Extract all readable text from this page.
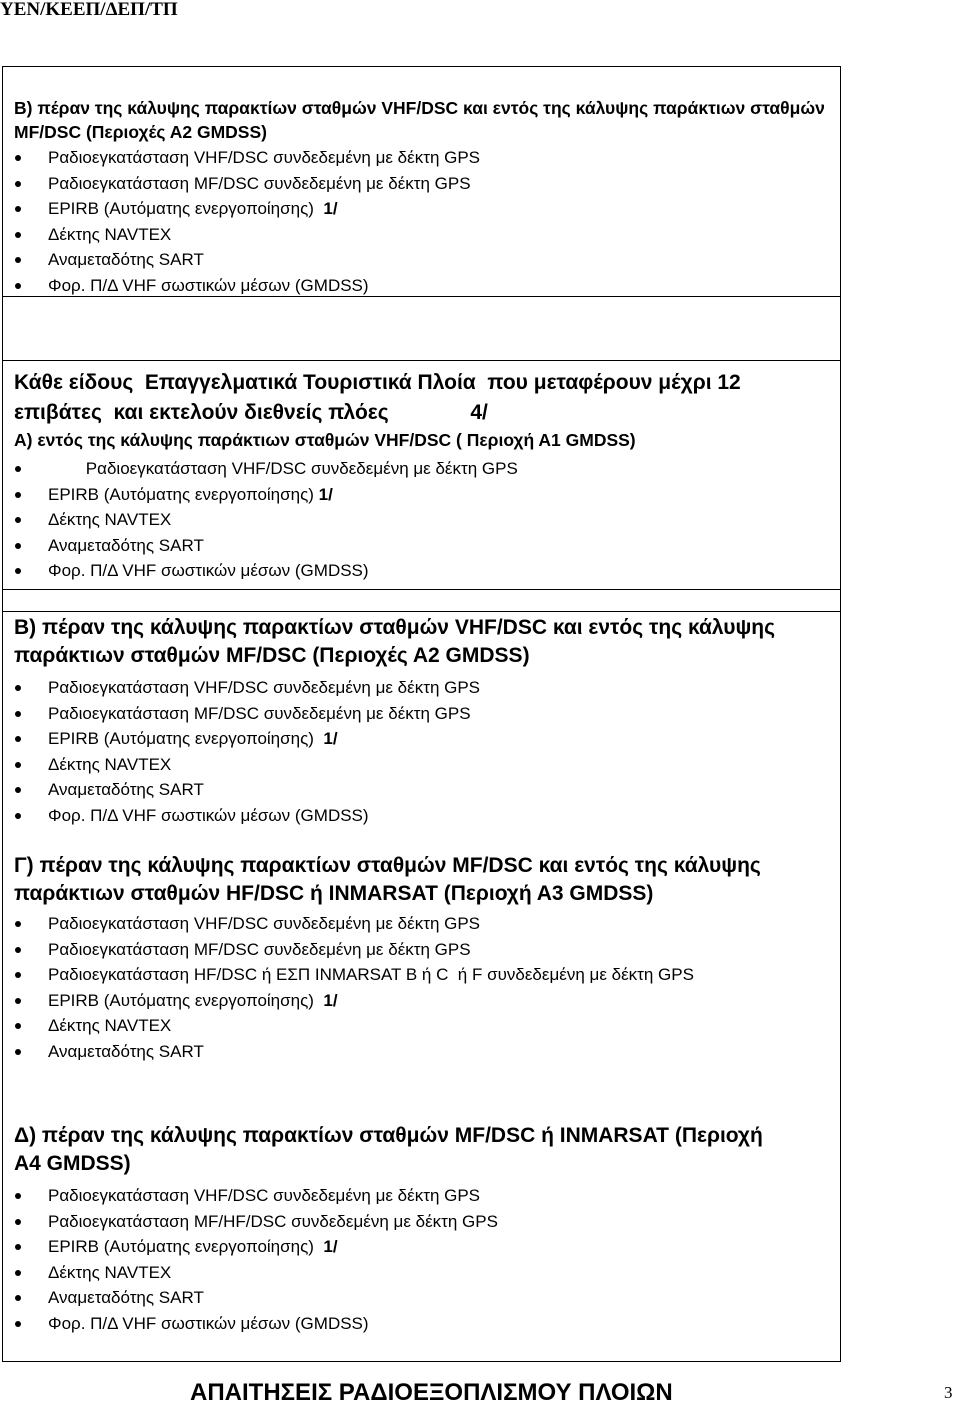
ΥΕΝ/ΚΕΕΠ/ΔΕΠ/ΤΠ

Β) πέραν της κάλυψης παρακτίων σταθμών VHF/DSC και εντός της κάλυψης παράκτιων σταθμών MF/DSC (Περιοχές Α2 GMDSS)

Ραδιοεγκατάσταση VHF/DSC συνδεδεμένη με δέκτη GPS
Ραδιοεγκατάσταση MF/DSC συνδεδεμένη με δέκτη GPS
EPIRB (Αυτόματης ενεργοποίησης)  1/
Δέκτης NAVTEX
Αναμεταδότης SART
Φορ. Π/Δ VHF σωστικών μέσων (GMDSS)

Κάθε είδους  Επαγγελματικά Τουριστικά Πλοία  που μεταφέρουν μέχρι 12 επιβάτες  και εκτελούν διεθνείς πλόες              4/

Α) εντός της κάλυψης παράκτιων σταθμών VHF/DSC ( Περιοχή Α1 GMDSS)

Ραδιοεγκατάσταση VHF/DSC συνδεδεμένη με δέκτη GPS
EPIRB (Αυτόματης ενεργοποίησης) 1/
Δέκτης NAVTEX
Αναμεταδότης SART
Φορ. Π/Δ VHF σωστικών μέσων (GMDSS)

Β) πέραν της κάλυψης παρακτίων σταθμών VHF/DSC και εντός της κάλυψης παράκτιων σταθμών MF/DSC (Περιοχές Α2 GMDSS)

Ραδιοεγκατάσταση VHF/DSC συνδεδεμένη με δέκτη GPS
Ραδιοεγκατάσταση MF/DSC συνδεδεμένη με δέκτη GPS
EPIRB (Αυτόματης ενεργοποίησης)  1/
Δέκτης NAVTEX
Αναμεταδότης SART
Φορ. Π/Δ VHF σωστικών μέσων (GMDSS)

Γ) πέραν της κάλυψης παρακτίων σταθμών MF/DSC και εντός της κάλυψης παράκτιων σταθμών HF/DSC ή INMARSAT (Περιοχή Α3 GMDSS)

Ραδιοεγκατάσταση VHF/DSC συνδεδεμένη με δέκτη GPS
Ραδιοεγκατάσταση MF/DSC συνδεδεμένη με δέκτη GPS
Ραδιοεγκατάσταση HF/DSC ή ΕΣΠ INMARSAT B ή C  ή F συνδεδεμένη με δέκτη GPS
EPIRB (Αυτόματης ενεργοποίησης)  1/
Δέκτης NAVTEX
Αναμεταδότης SART

Δ) πέραν της κάλυψης παρακτίων σταθμών MF/DSC ή INMARSAT (Περιοχή Α4 GMDSS)

Ραδιοεγκατάσταση VHF/DSC συνδεδεμένη με δέκτη GPS
Ραδιοεγκατάσταση MF/HF/DSC συνδεδεμένη με δέκτη GPS
EPIRB (Αυτόματης ενεργοποίησης)  1/
Δέκτης NAVTEX
Αναμεταδότης SART
Φορ. Π/Δ VHF σωστικών μέσων (GMDSS)
ΑΠΑΙΤΗΣΕΙΣ ΡΑΔΙΟΕΞΟΠΛΙΣΜΟΥ ΠΛΟΙΩΝ	3
